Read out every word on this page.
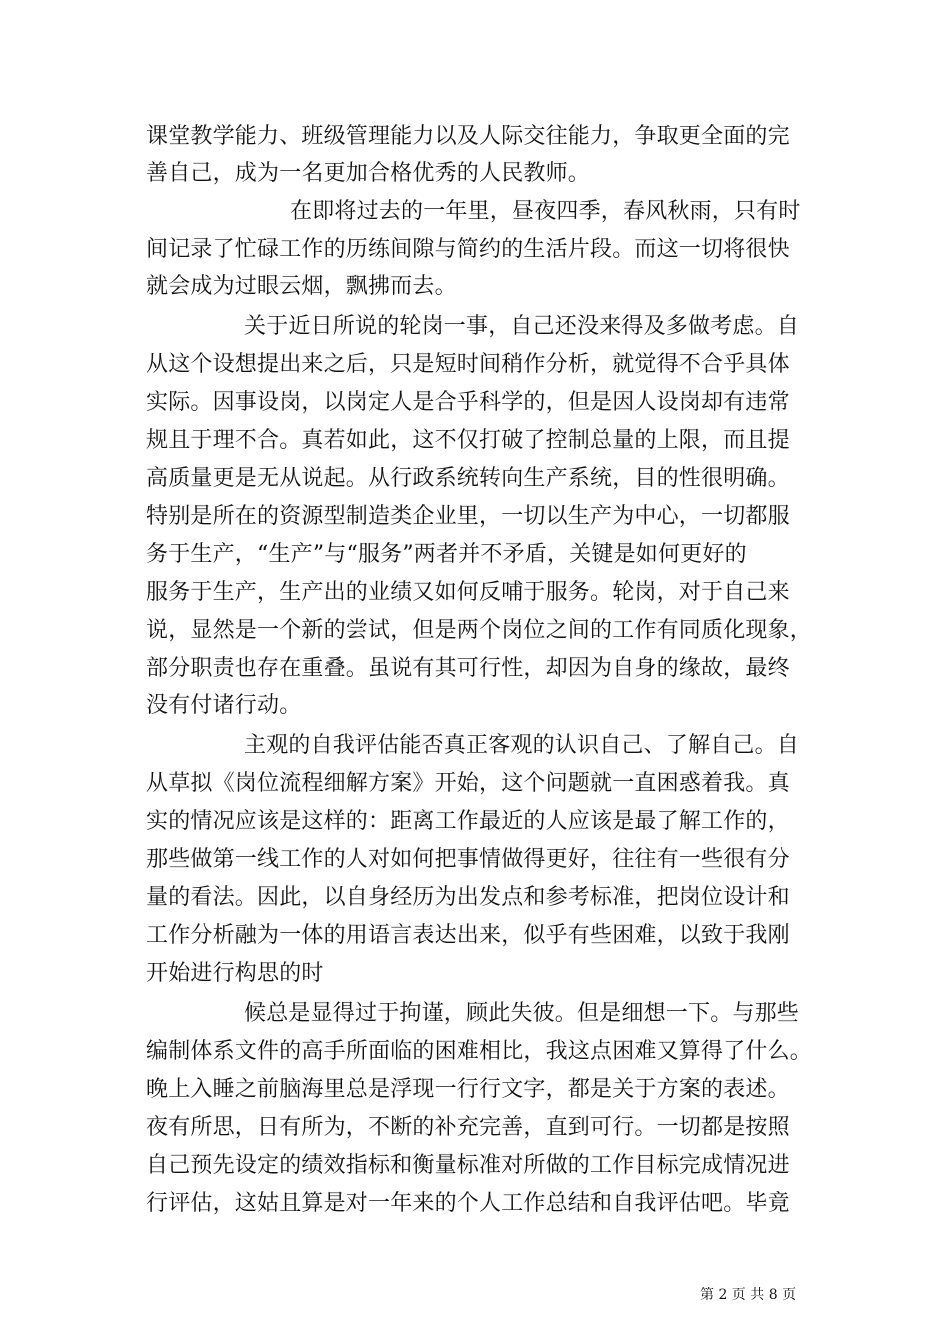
课堂教学能力、班级管理能力以及人际交往能力，争取更全面的完
善自己，成为一名更加合格优秀的人民教师。
在即将过去的一年里，昼夜四季，春风秋雨，只有时
间记录了忙碌工作的历练间隙与简约的生活片段。而这一切将很快
就会成为过眼云烟，飘拂而去。
关于近日所说的轮岗一事，自己还没来得及多做考虑。自
从这个设想提出来之后，只是短时间稍作分析，就觉得不合乎具体
实际。因事设岗，以岗定人是合乎科学的，但是因人设岗却有违常
规且于理不合。真若如此，这不仅打破了控制总量的上限，而且提
高质量更是无从说起。从行政系统转向生产系统，目的性很明确。
特别是所在的资源型制造类企业里，一切以生产为中心，一切都服
务于生产，“生产”与“服务”两者并不矛盾，关键是如何更好的
服务于生产，生产出的业绩又如何反哺于服务。轮岗，对于自己来
说，显然是一个新的尝试，但是两个岗位之间的工作有同质化现象，
部分职责也存在重叠。虽说有其可行性，却因为自身的缘故，最终
没有付诸行动。
主观的自我评估能否真正客观的认识自己、了解自己。自
从草拟《岗位流程细解方案》开始，这个问题就一直困惑着我。真
实的情况应该是这样的：距离工作最近的人应该是最了解工作的，
那些做第一线工作的人对如何把事情做得更好，往往有一些很有分
量的看法。因此，以自身经历为出发点和参考标准，把岗位设计和
工作分析融为一体的用语言表达出来，似乎有些困难，以致于我刚
开始进行构思的时
候总是显得过于拘谨，顾此失彼。但是细想一下。与那些
编制体系文件的高手所面临的困难相比，我这点困难又算得了什么。
晚上入睡之前脑海里总是浮现一行行文字，都是关于方案的表述。
夜有所思，日有所为，不断的补充完善，直到可行。一切都是按照
自己预先设定的绩效指标和衡量标准对所做的工作目标完成情况进
行评估，这姑且算是对一年来的个人工作总结和自我评估吧。毕竟
第 2 页 共 8 页
